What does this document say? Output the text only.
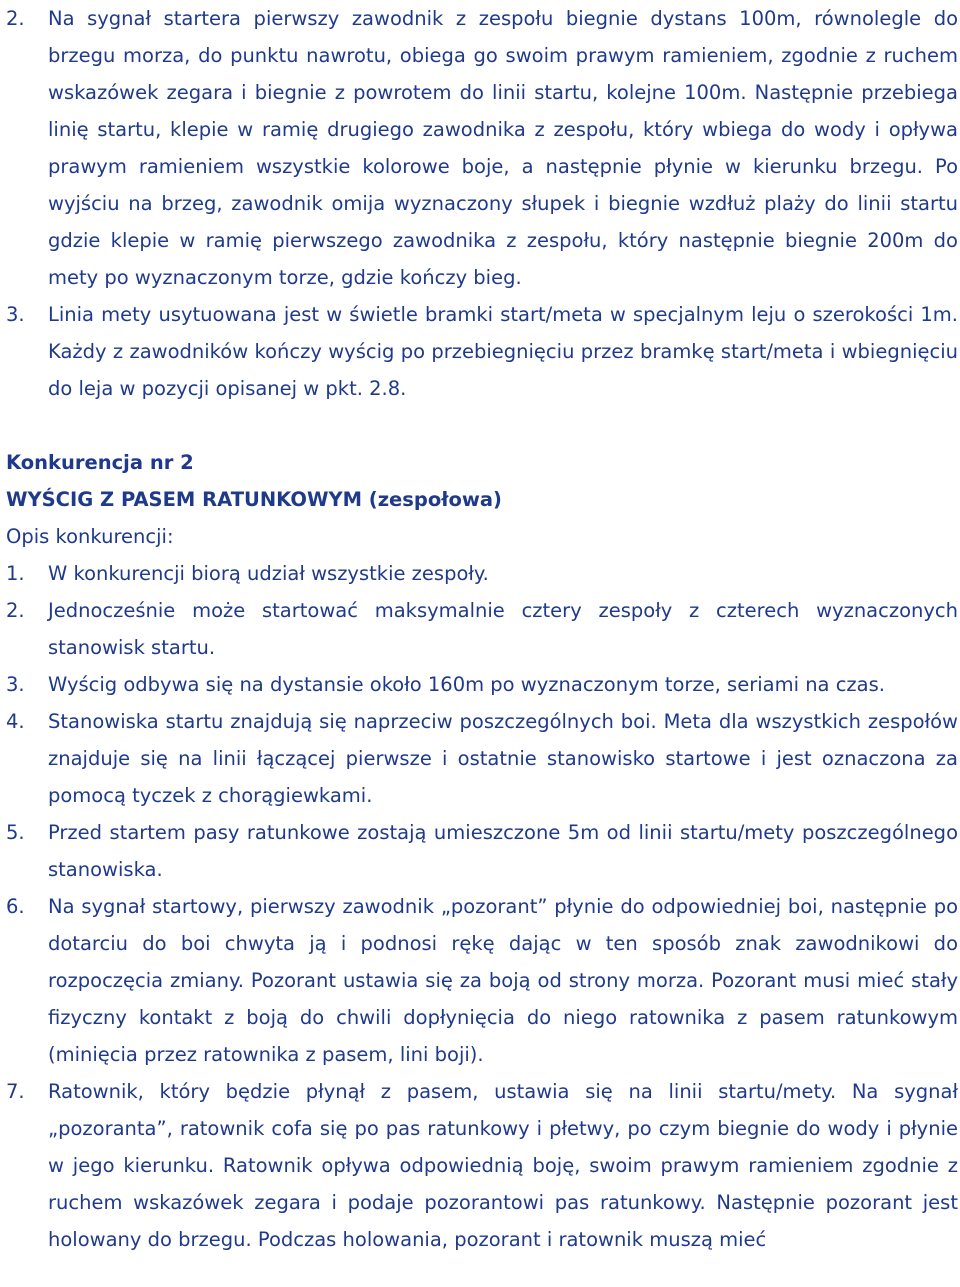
2. Na sygnał startera pierwszy zawodnik z zespołu biegnie dystans 100m, równolegle do brzegu morza, do punktu nawrotu, obiega go swoim prawym ramieniem, zgodnie z ruchem wskazówek zegara i biegnie z powrotem do linii startu, kolejne 100m. Następnie przebiega linię startu, klepie w ramię drugiego zawodnika z zespołu, który wbiega do wody i opływa prawym ramieniem wszystkie kolorowe boje, a następnie płynie w kierunku brzegu. Po wyjściu na brzeg, zawodnik omija wyznaczony słupek i biegnie wzdłuż plaży do linii startu gdzie klepie w ramię pierwszego zawodnika z zespołu, który następnie biegnie 200m do mety po wyznaczonym torze, gdzie kończy bieg.
3. Linia mety usytuowana jest w świetle bramki start/meta w specjalnym leju o szerokości 1m. Każdy z zawodników kończy wyścig po przebiegnięciu przez bramkę start/meta i wbiegnięciu do leja w pozycji opisanej w pkt. 2.8.
Konkurencja nr 2
WYŚCIG Z PASEM RATUNKOWYM (zespołowa)
Opis konkurencji:
1. W konkurencji biorą udział wszystkie zespoły.
2. Jednocześnie może startować maksymalnie cztery zespoły z czterech wyznaczonych stanowisk startu.
3. Wyścig odbywa się na dystansie około 160m po wyznaczonym torze, seriami na czas.
4. Stanowiska startu znajdują się naprzeciw poszczególnych boi. Meta dla wszystkich zespołów znajduje się na linii łączącej pierwsze i ostatnie stanowisko startowe i jest oznaczona za pomocą tyczek z chorągiewkami.
5. Przed startem pasy ratunkowe zostają umieszczone 5m od linii startu/mety poszczególnego stanowiska.
6. Na sygnał startowy, pierwszy zawodnik „pozorant” płynie do odpowiedniej boi, następnie po dotarciu do boi chwyta ją i podnosi rękę dając w ten sposób znak zawodnikowi do rozpoczęcia zmiany. Pozorant ustawia się za boją od strony morza. Pozorant musi mieć stały fizyczny kontakt z boją do chwili dopłynięcia do niego ratownika z pasem ratunkowym (minięcia przez ratownika z pasem, lini boji).
7. Ratownik, który będzie płynął z pasem, ustawia się na linii startu/mety. Na sygnał „pozoranta”, ratownik cofa się po pas ratunkowy i płetwy, po czym biegnie do wody i płynie w jego kierunku. Ratownik opływa odpowiednią boję, swoim prawym ramieniem zgodnie z ruchem wskazówek zegara i podaje pozorantowi pas ratunkowy. Następnie pozorant jest holowany do brzegu. Podczas holowania, pozorant i ratownik muszą mieć
